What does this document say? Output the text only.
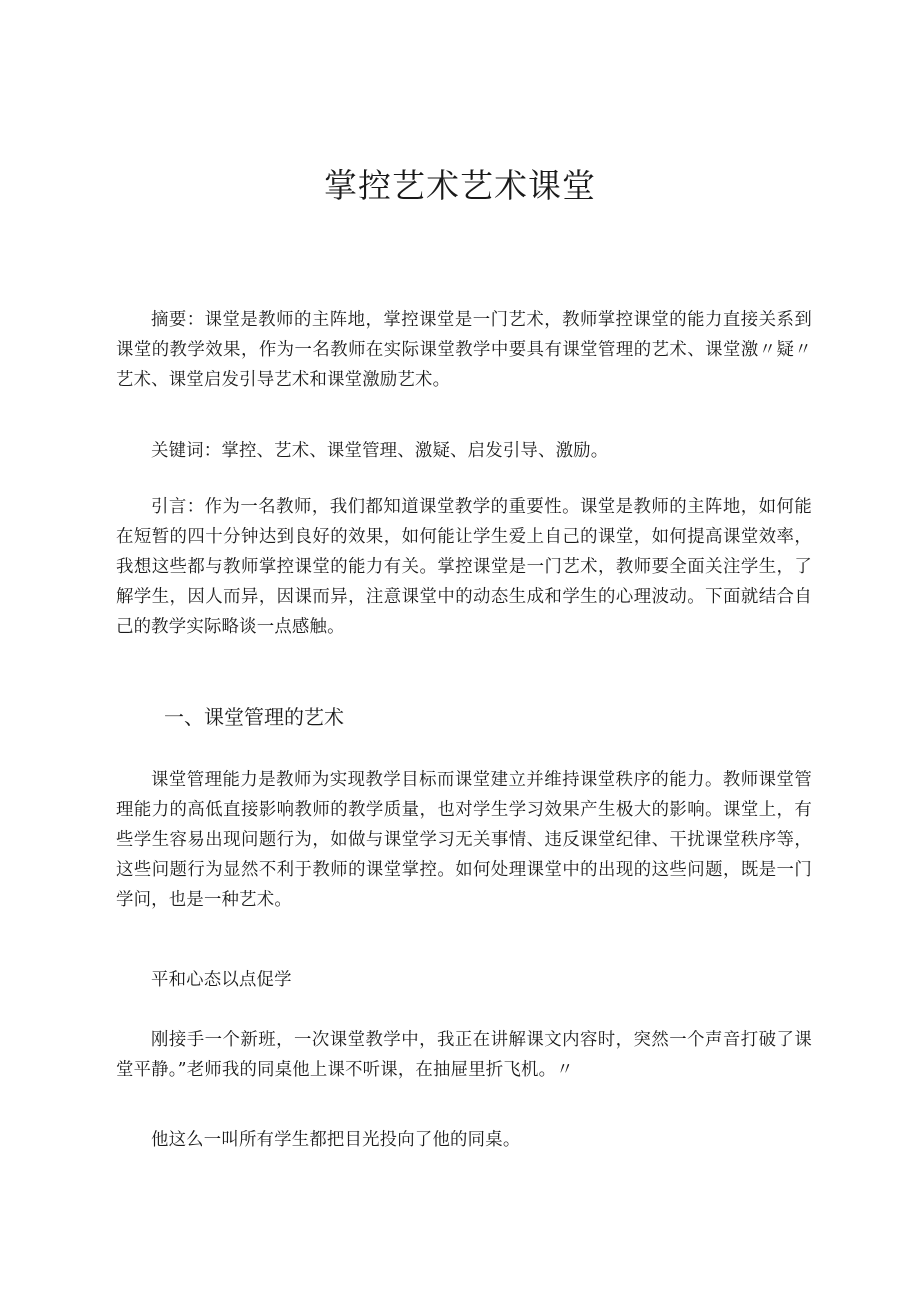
掌控艺术艺术课堂

摘要：课堂是教师的主阵地，掌控课堂是一门艺术，教师掌控课堂的能力直接关系到课堂的教学效果，作为一名教师在实际课堂教学中要具有课堂管理的艺术、课堂激〃疑〃艺术、课堂启发引导艺术和课堂激励艺术。

关键词：掌控、艺术、课堂管理、激疑、启发引导、激励。

引言：作为一名教师，我们都知道课堂教学的重要性。课堂是教师的主阵地，如何能在短暂的四十分钟达到良好的效果，如何能让学生爱上自己的课堂，如何提高课堂效率，我想这些都与教师掌控课堂的能力有关。掌控课堂是一门艺术，教师要全面关注学生，了解学生，因人而异，因课而异，注意课堂中的动态生成和学生的心理波动。下面就结合自己的教学实际略谈一点感触。

一、课堂管理的艺术

课堂管理能力是教师为实现教学目标而课堂建立并维持课堂秩序的能力。教师课堂管理能力的高低直接影响教师的教学质量，也对学生学习效果产生极大的影响。课堂上，有些学生容易出现问题行为，如做与课堂学习无关事情、违反课堂纪律、干扰课堂秩序等，这些问题行为显然不利于教师的课堂掌控。如何处理课堂中的出现的这些问题，既是一门学问，也是一种艺术。

平和心态以点促学

刚接手一个新班，一次课堂教学中，我正在讲解课文内容时，突然一个声音打破了课堂平静。”老师我的同桌他上课不听课，在抽屉里折飞机。〃

他这么一叫所有学生都把目光投向了他的同桌。
